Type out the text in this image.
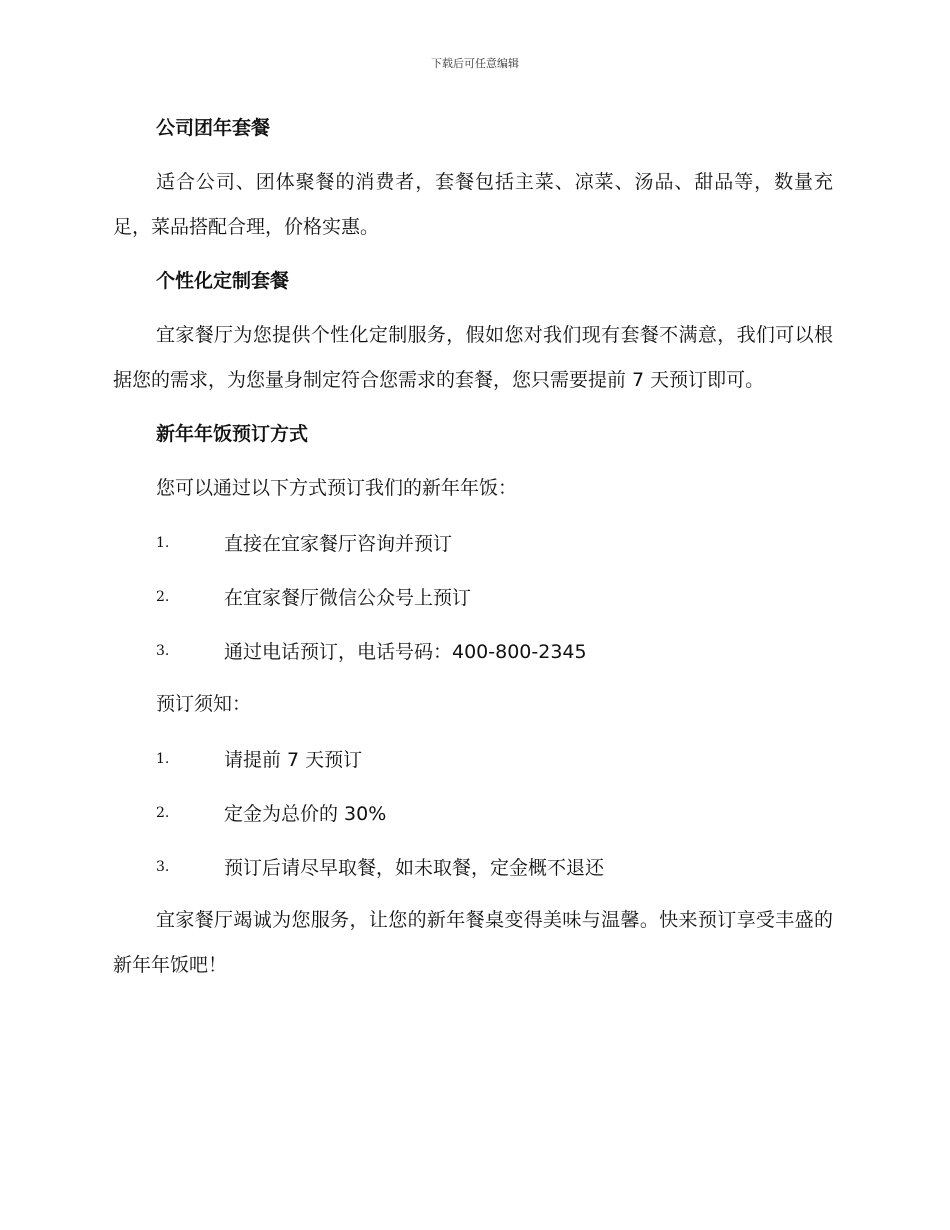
下载后可任意编辑
公司团年套餐

适合公司、团体聚餐的消费者，套餐包括主菜、凉菜、汤品、甜品等，数量充足，菜品搭配合理，价格实惠。

个性化定制套餐

宜家餐厅为您提供个性化定制服务，假如您对我们现有套餐不满意，我们可以根据您的需求，为您量身制定符合您需求的套餐，您只需要提前 7 天预订即可。

新年年饭预订方式

您可以通过以下方式预订我们的新年年饭：

1.	直接在宜家餐厅咨询并预订
2.	在宜家餐厅微信公众号上预订
3.	通过电话预订，电话号码：400-800-2345

预订须知：

1.	请提前 7 天预订
2.	定金为总价的 30%
3.	预订后请尽早取餐，如未取餐，定金概不退还

宜家餐厅竭诚为您服务，让您的新年餐桌变得美味与温馨。快来预订享受丰盛的新年年饭吧！
